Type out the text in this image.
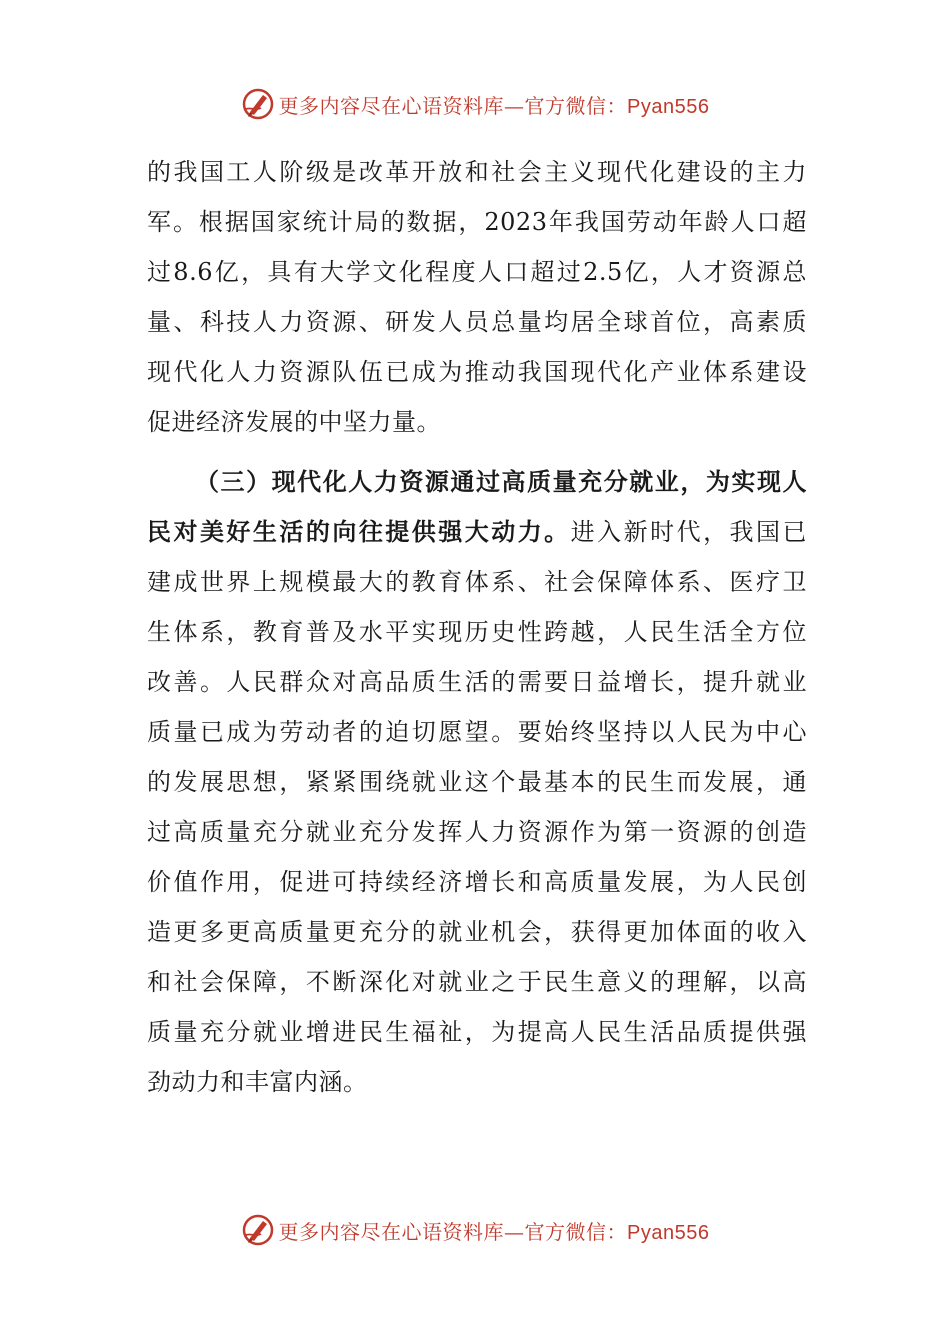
更多内容尽在心语资料库—官方微信：Pyan556
的我国工人阶级是改革开放和社会主义现代化建设的主力
军。根据国家统计局的数据，2023年我国劳动年龄人口超
过8.6亿，具有大学文化程度人口超过2.5亿，人才资源总
量、科技人力资源、研发人员总量均居全球首位，高素质
现代化人力资源队伍已成为推动我国现代化产业体系建设
促进经济发展的中坚力量。
（三）现代化人力资源通过高质量充分就业，为实现人
民对美好生活的向往提供强大动力。进入新时代，我国已
建成世界上规模最大的教育体系、社会保障体系、医疗卫
生体系，教育普及水平实现历史性跨越，人民生活全方位
改善。人民群众对高品质生活的需要日益增长，提升就业
质量已成为劳动者的迫切愿望。要始终坚持以人民为中心
的发展思想，紧紧围绕就业这个最基本的民生而发展，通
过高质量充分就业充分发挥人力资源作为第一资源的创造
价值作用，促进可持续经济增长和高质量发展，为人民创
造更多更高质量更充分的就业机会，获得更加体面的收入
和社会保障，不断深化对就业之于民生意义的理解，以高
质量充分就业增进民生福祉，为提高人民生活品质提供强
劲动力和丰富内涵。
更多内容尽在心语资料库—官方微信：Pyan556
